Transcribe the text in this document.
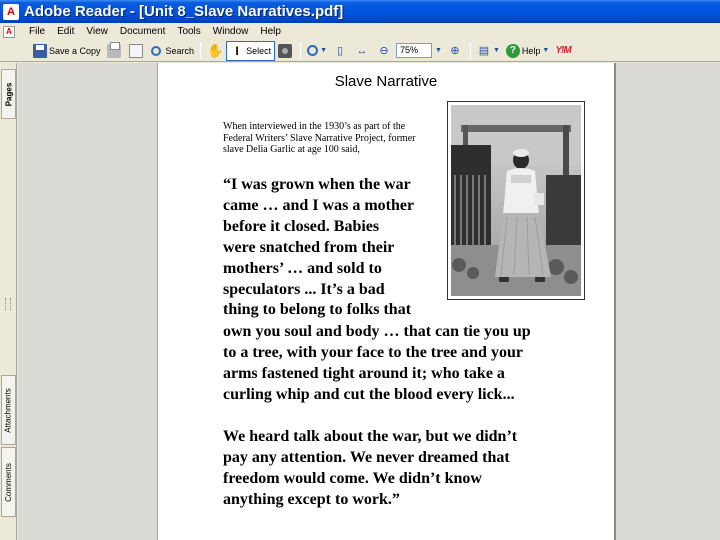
A Adobe Reader - [Unit 8_Slave Narratives.pdf]
A	File	Edit	View	Document	Tools	Window	Help
Save a Copy	Search ✋	I Select	▼ ▯	↔ ⊖	75%	▼ ⊕ ▤ ▼ ? Help ▼ Y!M
Pages
Attachments
Comments
Slave Narrative
When interviewed in the 1930’s as part of the
Federal Writers’ Slave Narrative Project, former
slave Delia Garlic at age 100 said,
“I was grown when the war
came … and I was a mother
before it closed. Babies
were snatched from their
mothers’ … and sold to
speculators ... It’s a bad
thing to belong to folks that
own you soul and body … that can tie you up
to a tree, with your face to the tree and your
arms fastened tight around it; who take a
curling whip and cut the blood every lick...
We heard talk about the war, but we didn’t
pay any attention. We never dreamed that
freedom would come. We didn’t know
anything except to work.”
